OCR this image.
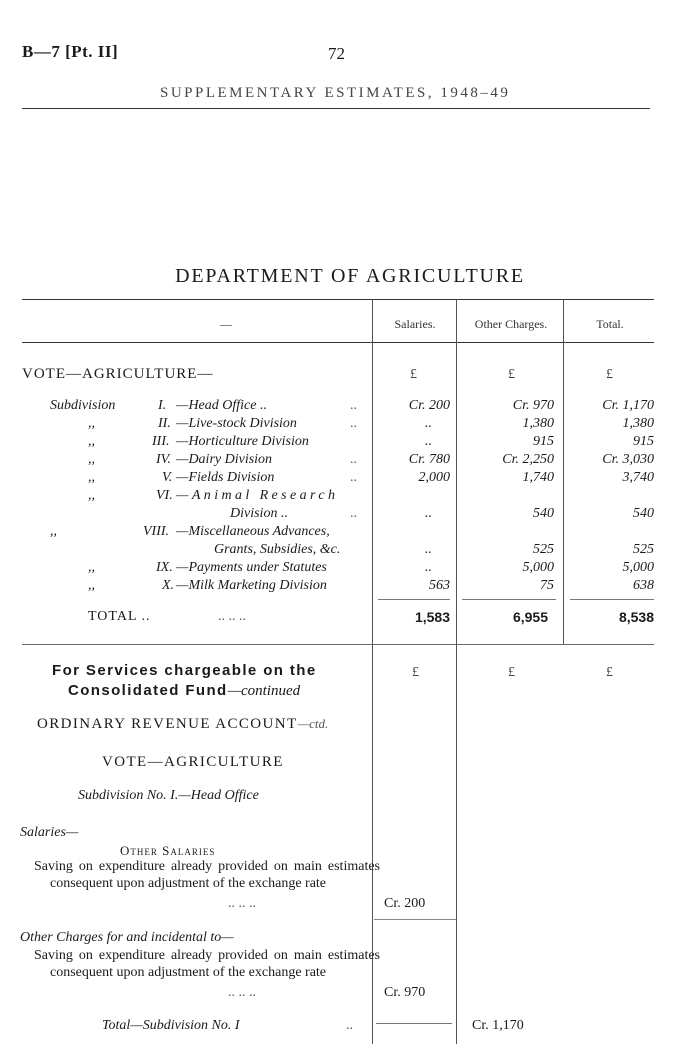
B—7 [Pt. II]	72
SUPPLEMENTARY ESTIMATES, 1948–49
DEPARTMENT OF AGRICULTURE
—	Salaries.	Other Charges.	Total.
VOTE—AGRICULTURE—	£	£	£
Subdivision	I. —Head Office ..	..	Cr. 200	Cr. 970	Cr. 1,170
,,	II. —Live-stock Division	..	..	1,380	1,380
,,	III. —Horticulture Division	..	915	915
,,	IV. —Dairy Division	..	Cr. 780	Cr. 2,250	Cr. 3,030
,,	V. —Fields Division	..	2,000	1,740	3,740
,,	VI. —Animal Research
Division ..	..	..	540	540
,,	VIII. —Miscellaneous Advances,
Grants, Subsidies, &c.	..	525	525
,,	IX. —Payments under Statutes	..	5,000	5,000
,,	X. —Milk Marketing Division	563	75	638
TOTAL ..	.. .. ..	1,583	6,955	8,538
For Services chargeable on the
Consolidated Fund—continued
£	£	£
ORDINARY REVENUE ACCOUNT—ctd.
VOTE—AGRICULTURE
Subdivision No. I.—Head Office
Salaries—
Other Salaries
Saving on expenditure already provided on main estimates consequent upon adjustment of the exchange rate
.. .. ..	Cr. 200
Other Charges for and incidental to—
Saving on expenditure already provided on main estimates consequent upon adjustment of the exchange rate
.. .. ..	Cr. 970
Total—Subdivision No. I	..	Cr. 1,170
